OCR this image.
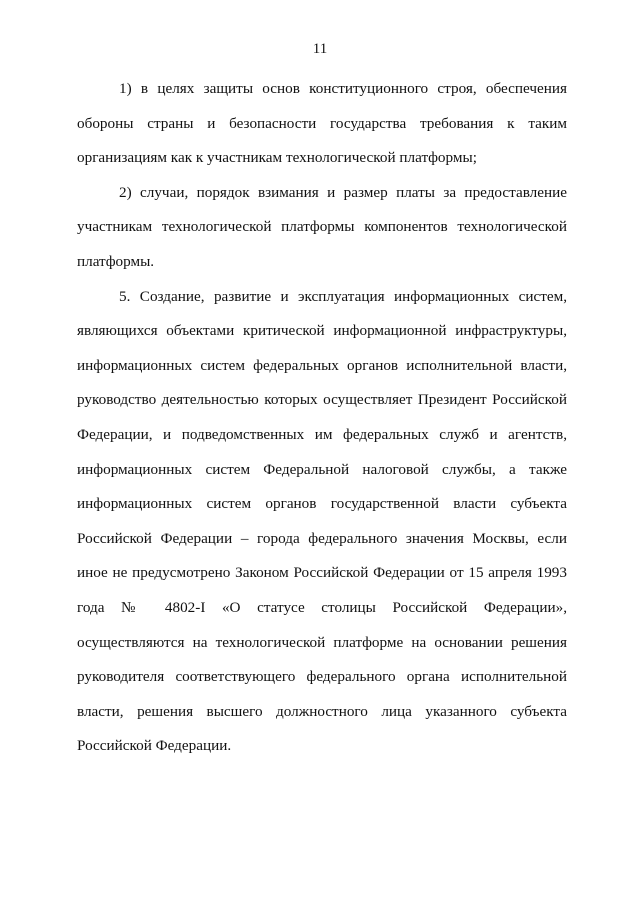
11

1) в целях защиты основ конституционного строя, обеспечения обороны страны и безопасности государства требования к таким организациям как к участникам технологической платформы;

2) случаи, порядок взимания и размер платы за предоставление участникам технологической платформы компонентов технологической платформы.

5. Создание, развитие и эксплуатация информационных систем, являющихся объектами критической информационной инфраструктуры, информационных систем федеральных органов исполнительной власти, руководство деятельностью которых осуществляет Президент Российской Федерации, и подведомственных им федеральных служб и агентств, информационных систем Федеральной налоговой службы, а также информационных систем органов государственной власти субъекта Российской Федерации – города федерального значения Москвы, если иное не предусмотрено Законом Российской Федерации от 15 апреля 1993 года № 4802-I «О статусе столицы Российской Федерации», осуществляются на технологической платформе на основании решения руководителя соответствующего федерального органа исполнительной власти, решения высшего должностного лица указанного субъекта Российской Федерации.
